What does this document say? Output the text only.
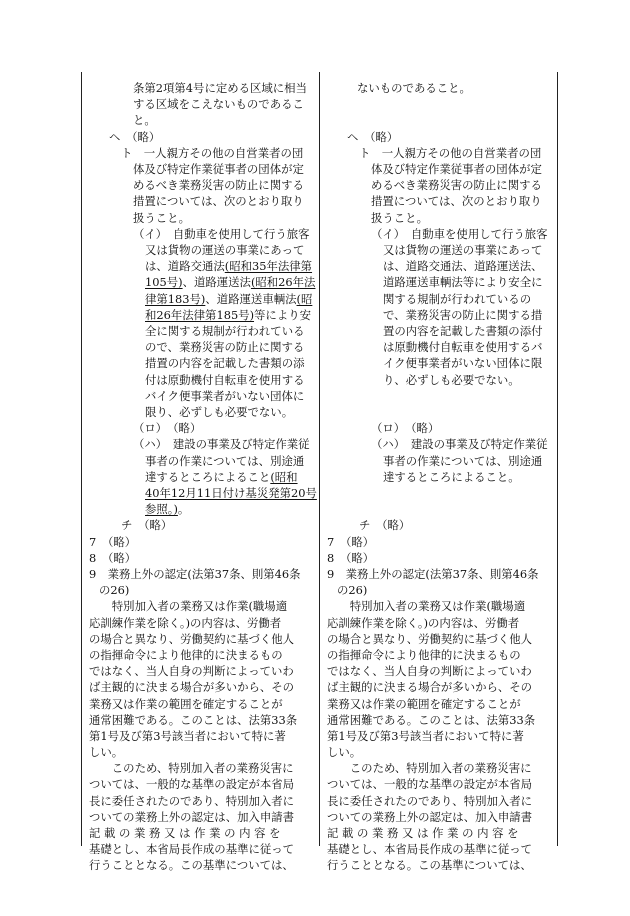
条第2項第4号に定める区域に相当
する区域をこえないものであるこ
と。
ヘ　（略）
ト　一人親方その他の自営業者の団
体及び特定作業従事者の団体が定
めるべき業務災害の防止に関する
措置については、次のとおり取り
扱うこと。
（イ）　自動車を使用して行う旅客
又は貨物の運送の事業にあって
は、道路交通法(昭和35年法律第
105号)、道路運送法(昭和26年法
律第183号)、道路運送車輌法(昭
和26年法律第185号)等により安
全に関する規制が行われている
ので、業務災害の防止に関する
措置の内容を記載した書類の添
付は原動機付自転車を使用する
バイク便事業者がいない団体に
限り、必ずしも必要でない。
（ロ）　（略）
（ハ）　建設の事業及び特定作業従
事者の作業については、別途通
達するところによること(昭和
40年12月11日付け基災発第20号
参照。)。
チ　（略）
7　（略）
8　（略）
9　業務上外の認定(法第37条、則第46条
の26)
　　特別加入者の業務又は作業(職場適
応訓練作業を除く。)の内容は、労働者
の場合と異なり、労働契約に基づく他人
の指揮命令により他律的に決まるもの
ではなく、当人自身の判断によっていわ
ば主観的に決まる場合が多いから、その
業務又は作業の範囲を確定することが
通常困難である。このことは、法第33条
第1号及び第3号該当者において特に著
しい。
　　このため、特別加入者の業務災害に
ついては、一般的な基準の設定が本省局
長に委任されたのであり、特別加入者に
ついての業務上外の認定は、加入申請書
記 載 の 業 務 又 は 作 業 の 内 容 を
基礎とし、本省局長作成の基準に従って
行うこととなる。この基準については、
ないものであること。
ヘ　（略）
ト　一人親方その他の自営業者の団
体及び特定作業従事者の団体が定
めるべき業務災害の防止に関する
措置については、次のとおり取り
扱うこと。
（イ）　自動車を使用して行う旅客
又は貨物の運送の事業にあって
は、道路交通法、道路運送法、
道路運送車輌法等により安全に
関する規制が行われているの
で、業務災害の防止に関する措
置の内容を記載した書類の添付
は原動機付自転車を使用するバ
イク便事業者がいない団体に限
り、必ずしも必要でない。
（ロ）　（略）
（ハ）　建設の事業及び特定作業従
事者の作業については、別途通
達するところによること。
チ　（略）
7　（略）
8　（略）
9　業務上外の認定(法第37条、則第46条
の26)
　　特別加入者の業務又は作業(職場適
応訓練作業を除く。)の内容は、労働者
の場合と異なり、労働契約に基づく他人
の指揮命令により他律的に決まるもの
ではなく、当人自身の判断によっていわ
ば主観的に決まる場合が多いから、その
業務又は作業の範囲を確定することが
通常困難である。このことは、法第33条
第1号及び第3号該当者において特に著
しい。
　　このため、特別加入者の業務災害に
ついては、一般的な基準の設定が本省局
長に委任されたのであり、特別加入者に
ついての業務上外の認定は、加入申請書
記 載 の 業 務 又 は 作 業 の 内 容 を
基礎とし、本省局長作成の基準に従って
行うこととなる。この基準については、
